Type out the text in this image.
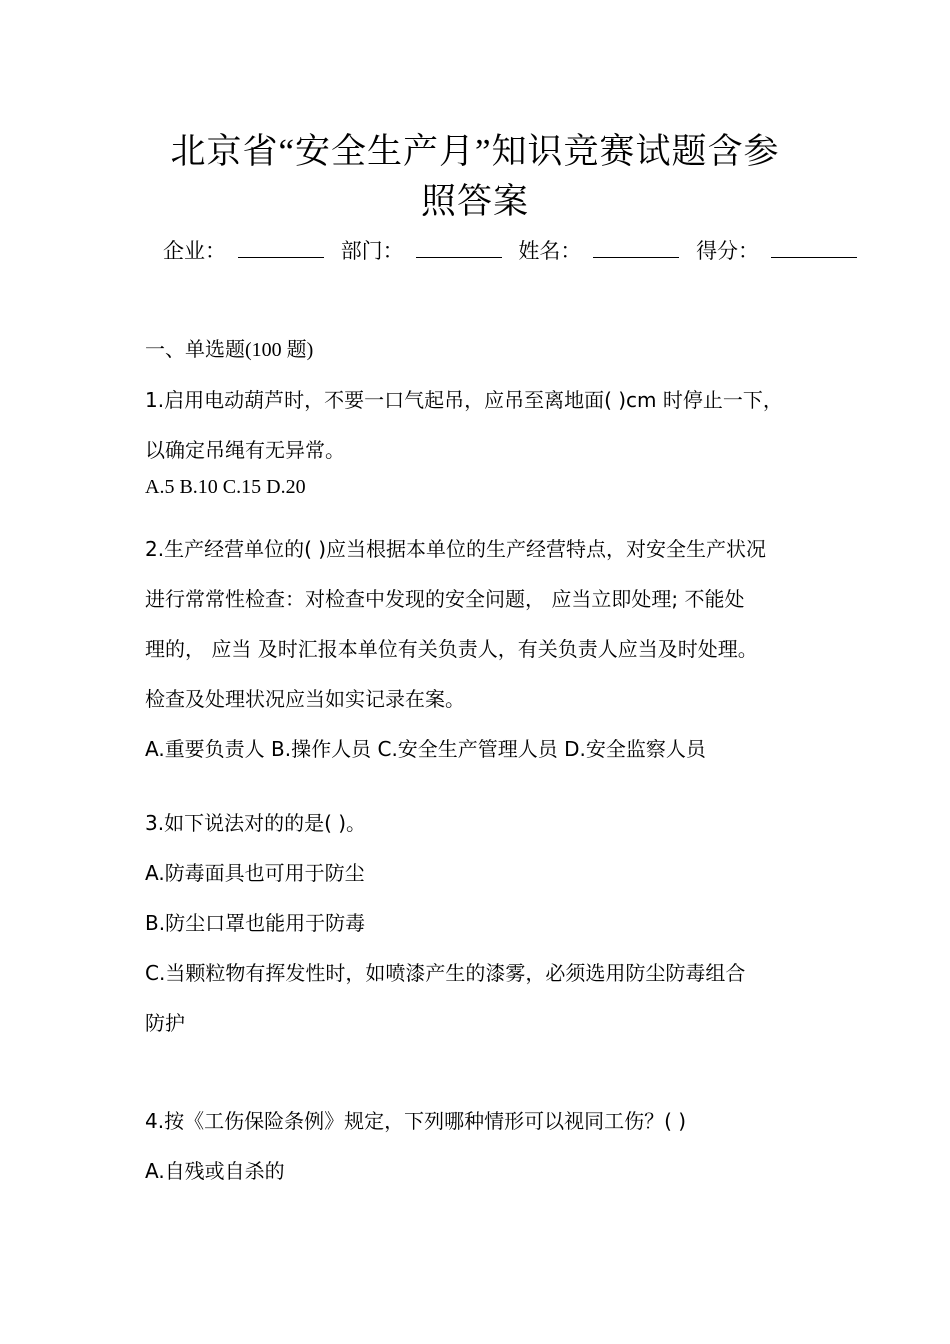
北京省“安全生产月”知识竞赛试题含参
照答案
企业：	部门：	姓名：	得分：
一、单选题(100 题)
1.启用电动葫芦时，不要一口气起吊，应吊至离地面( )cm 时停止一下，
以确定吊绳有无异常。
A.5 B.10 C.15 D.20
2.生产经营单位的( )应当根据本单位的生产经营特点，对安全生产状况
进行常常性检查：对检查中发现的安全问题， 应当立即处理; 不能处
理的， 应当 及时汇报本单位有关负责人，有关负责人应当及时处理。
检查及处理状况应当如实记录在案。
A.重要负责人 B.操作人员 C.安全生产管理人员 D.安全监察人员
3.如下说法对的的是( )。
A.防毒面具也可用于防尘
B.防尘口罩也能用于防毒
C.当颗粒物有挥发性时，如喷漆产生的漆雾，必须选用防尘防毒组合
防护
4.按《工伤保险条例》规定，下列哪种情形可以视同工伤？( )
A.自残或自杀的
